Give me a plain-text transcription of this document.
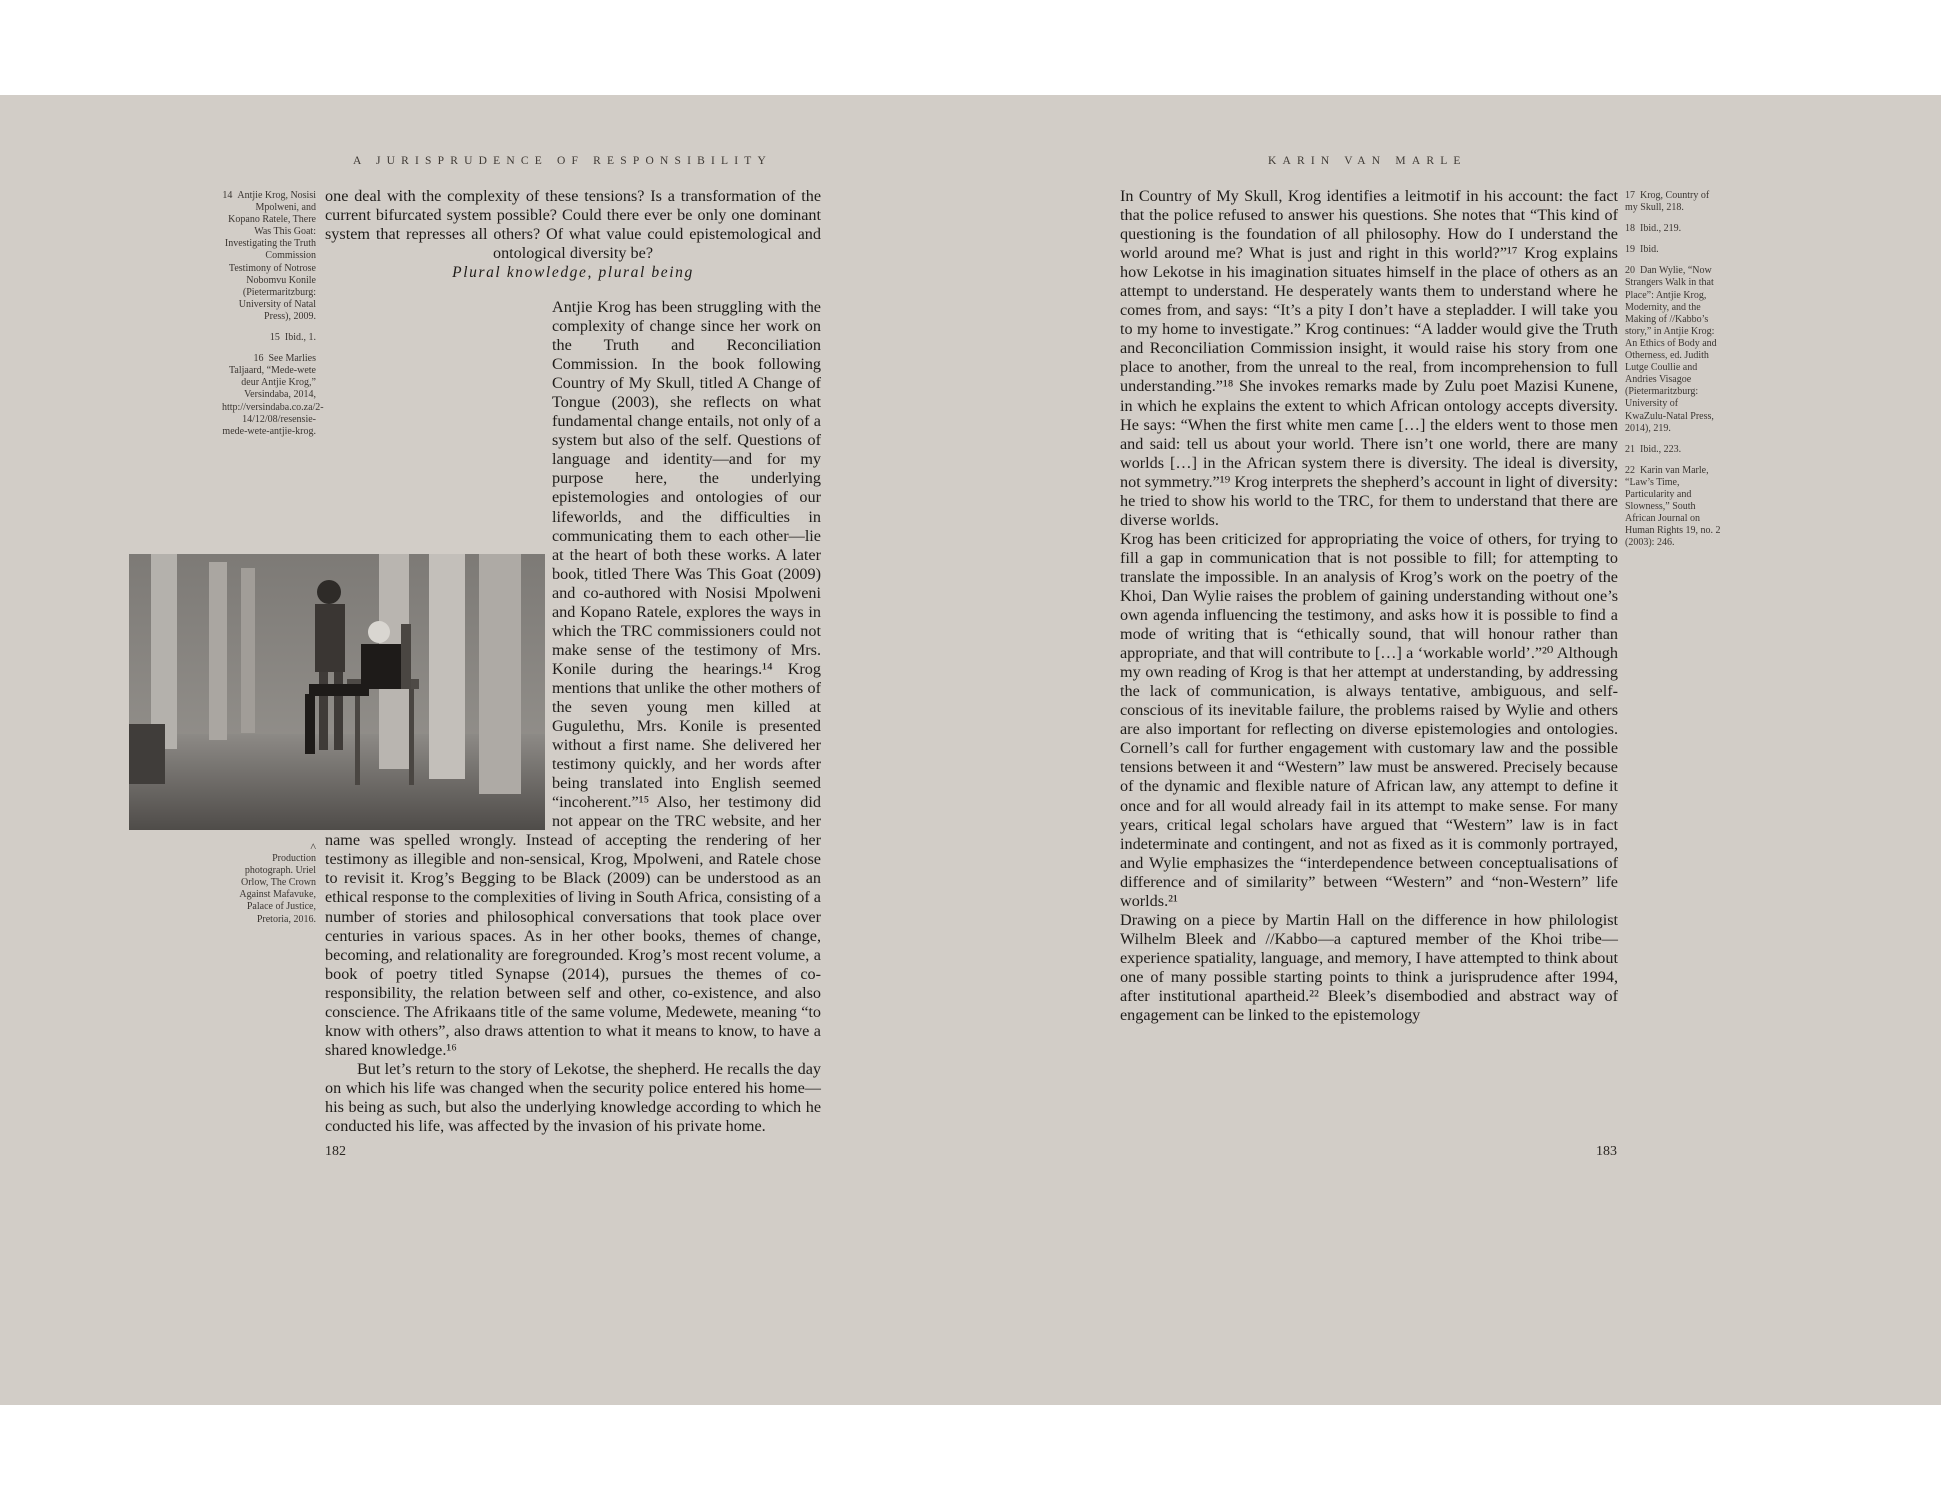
A JURISPRUDENCE OF RESPONSIBILITY
14 Antjie Krog, Nosisi Mpolweni, and Kopano Ratele, There Was This Goat: Investigating the Truth Commission Testimony of Notrose Nobomvu Konile (Pietermaritzburg: University of Natal Press), 2009.
15 Ibid., 1.
16 See Marlies Taljaard, “Mede-wete deur Antjie Krog,” Versindaba, 2014, http://versindaba.co.za/2-14/12/08/resensie-mede-wete-antjie-krog.

one deal with the complexity of these tensions? Is a transformation of the current bifurcated system possible? Could there ever be only one dominant system that represses all others? Of what value could epistemological and ontological diversity be?

Plural knowledge, plural being

Antjie Krog has been struggling with the complexity of change since her work on the Truth and Reconciliation Commission. In the book following Country of My Skull, titled A Change of Tongue (2003), she reflects on what fundamental change entails, not only of a system but also of the self. Questions of language and identity—and for my purpose here, the underlying epistemologies and ontologies of our lifeworlds, and the difficulties in communicating them to each other—lie at the heart of both these works. A later book, titled There Was This Goat (2009) and co-authored with Nosisi Mpolweni and Kopano Ratele, explores the ways in which the TRC commissioners could not make sense of the testimony of Mrs. Konile during the hearings.¹⁴ Krog mentions that unlike the other mothers of the seven young men killed at Gugulethu, Mrs. Konile is presented without a first name. She delivered her testimony quickly, and her words after being translated into English seemed “incoherent.”¹⁵ Also, her testimony did not appear on the TRC website, and her name was spelled wrongly. Instead of accepting the rendering of her testimony as illegible and non-sensical, Krog, Mpolweni, and Ratele chose to revisit it. Krog’s Begging to be Black (2009) can be understood as an ethical response to the complexities of living in South Africa, consisting of a number of stories and philosophical conversations that took place over centuries in various spaces. As in her other books, themes of change, becoming, and relationality are foregrounded. Krog’s most recent volume, a book of poetry titled Synapse (2014), pursues the themes of co-responsibility, the relation between self and other, co-existence, and also conscience. The Afrikaans title of the same volume, Medewete, meaning “to know with others”, also draws attention to what it means to know, to have a shared knowledge.¹⁶

But let’s return to the story of Lekotse, the shepherd. He recalls the day on which his life was changed when the security police entered his home—his being as such, but also the underlying knowledge according to which he conducted his life, was affected by the invasion of his private home.

^
Production photograph. Uriel Orlow, The Crown Against Mafavuke, Palace of Justice, Pretoria, 2016.
182
KARIN VAN MARLE

In Country of My Skull, Krog identifies a leitmotif in his account: the fact that the police refused to answer his questions. She notes that “This kind of questioning is the foundation of all philosophy. How do I understand the world around me? What is just and right in this world?”¹⁷ Krog explains how Lekotse in his imagination situates himself in the place of others as an attempt to understand. He desperately wants them to understand where he comes from, and says: “It’s a pity I don’t have a stepladder. I will take you to my home to investigate.” Krog continues: “A ladder would give the Truth and Reconciliation Commission insight, it would raise his story from one place to another, from the unreal to the real, from incomprehension to full understanding.”¹⁸ She invokes remarks made by Zulu poet Mazisi Kunene, in which he explains the extent to which African ontology accepts diversity. He says: “When the first white men came […] the elders went to those men and said: tell us about your world. There isn’t one world, there are many worlds […] in the African system there is diversity. The ideal is diversity, not symmetry.”¹⁹ Krog interprets the shepherd’s account in light of diversity: he tried to show his world to the TRC, for them to understand that there are diverse worlds.

Krog has been criticized for appropriating the voice of others, for trying to fill a gap in communication that is not possible to fill; for attempting to translate the impossible. In an analysis of Krog’s work on the poetry of the Khoi, Dan Wylie raises the problem of gaining understanding without one’s own agenda influencing the testimony, and asks how it is possible to find a mode of writing that is “ethically sound, that will honour rather than appropriate, and that will contribute to […] a ‘workable world’.”²⁰ Although my own reading of Krog is that her attempt at understanding, by addressing the lack of communication, is always tentative, ambiguous, and self-conscious of its inevitable failure, the problems raised by Wylie and others are also important for reflecting on diverse epistemologies and ontologies. Cornell’s call for further engagement with customary law and the possible tensions between it and “Western” law must be answered. Precisely because of the dynamic and flexible nature of African law, any attempt to define it once and for all would already fail in its attempt to make sense. For many years, critical legal scholars have argued that “Western” law is in fact indeterminate and contingent, and not as fixed as it is commonly portrayed, and Wylie emphasizes the “interdependence between conceptualisations of difference and of similarity” between “Western” and “non-Western” life worlds.²¹

Drawing on a piece by Martin Hall on the difference in how philologist Wilhelm Bleek and //Kabbo—a captured member of the Khoi tribe—experience spatiality, language, and memory, I have attempted to think about one of many possible starting points to think a jurisprudence after 1994, after institutional apartheid.²² Bleek’s disembodied and abstract way of engagement can be linked to the epistemology

17 Krog, Country of my Skull, 218.
18 Ibid., 219.
19 Ibid.
20 Dan Wylie, “Now Strangers Walk in that Place”: Antjie Krog, Modernity, and the Making of //Kabbo’s story,” in Antjie Krog: An Ethics of Body and Otherness, ed. Judith Lutge Coullie and Andries Visagoe (Pietermaritzburg: University of KwaZulu-Natal Press, 2014), 219.
21 Ibid., 223.
22 Karin van Marle, “Law’s Time, Particularity and Slowness,” South African Journal on Human Rights 19, no. 2 (2003): 246.
183
